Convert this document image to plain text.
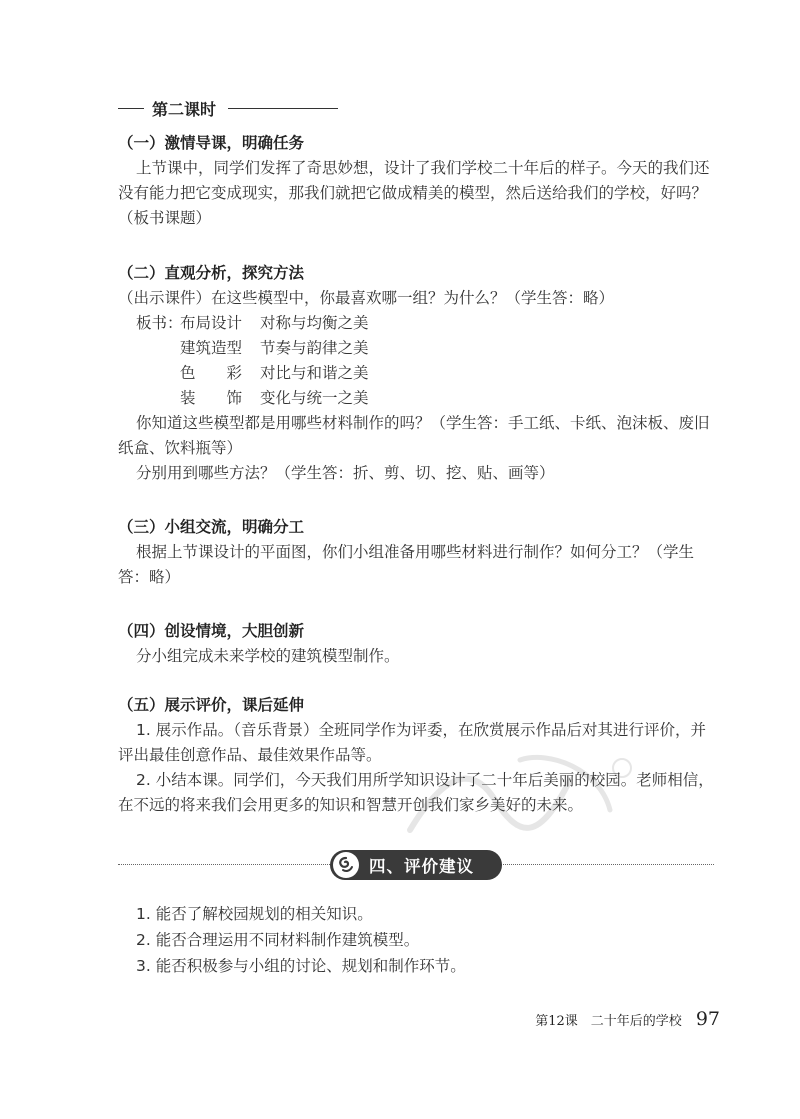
第二课时
（一）激情导课，明确任务

上节课中，同学们发挥了奇思妙想，设计了我们学校二十年后的样子。今天的我们还没有能力把它变成现实，那我们就把它做成精美的模型，然后送给我们的学校，好吗？（板书课题）

（二）直观分析，探究方法

（出示课件）在这些模型中，你最喜欢哪一组？为什么？（学生答：略）

板书：
布局设计 对称与均衡之美
建筑造型 节奏与韵律之美
色　　彩 对比与和谐之美
装　　饰 变化与统一之美

你知道这些模型都是用哪些材料制作的吗？（学生答：手工纸、卡纸、泡沫板、废旧纸盒、饮料瓶等）

分别用到哪些方法？（学生答：折、剪、切、挖、贴、画等）

（三）小组交流，明确分工

根据上节课设计的平面图，你们小组准备用哪些材料进行制作？如何分工？（学生答：略）

（四）创设情境，大胆创新

分小组完成未来学校的建筑模型制作。

（五）展示评价，课后延伸

1. 展示作品。（音乐背景）全班同学作为评委，在欣赏展示作品后对其进行评价，并评出最佳创意作品、最佳效果作品等。

2. 小结本课。同学们，今天我们用所学知识设计了二十年后美丽的校园。老师相信，在不远的将来我们会用更多的知识和智慧开创我们家乡美好的未来。

四、评价建议
1. 能否了解校园规划的相关知识。
2. 能否合理运用不同材料制作建筑模型。
3. 能否积极参与小组的讨论、规划和制作环节。
第12课　二十年后的学校 97
